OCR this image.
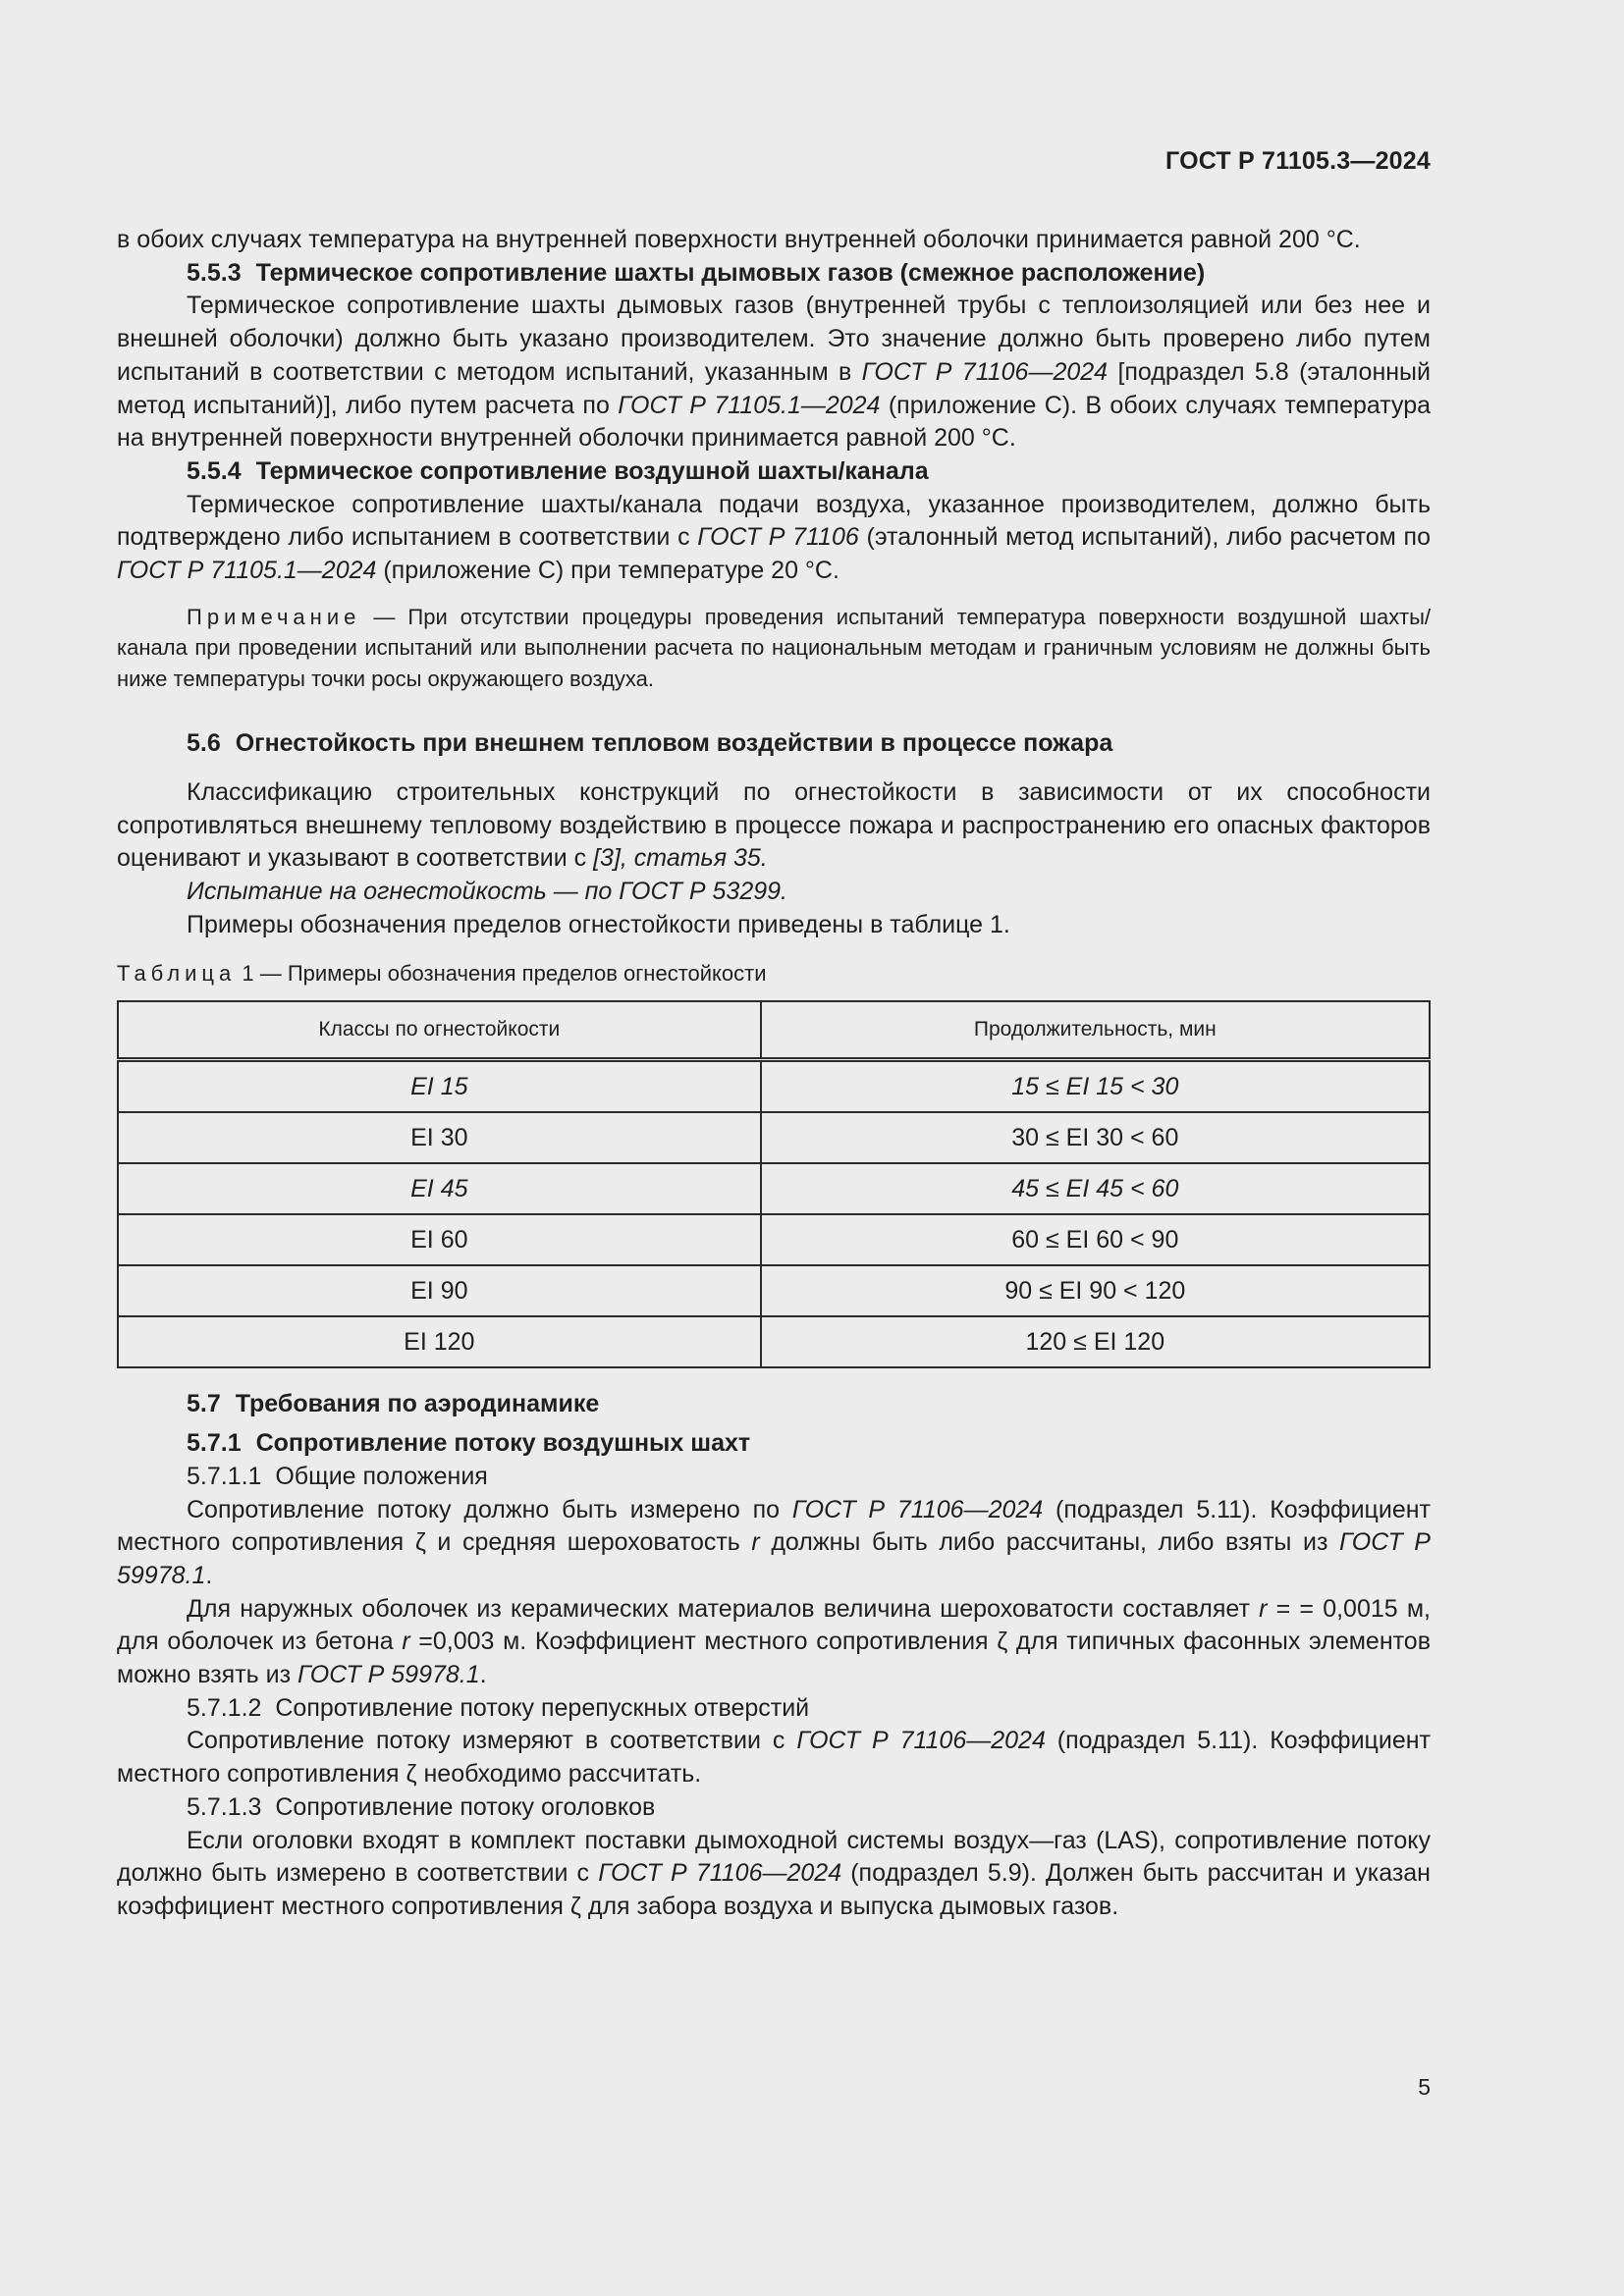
ГОСТ Р 71105.3—2024

в обоих случаях температура на внутренней поверхности внутренней оболочки принимается равной 200 °С.

5.5.3 Термическое сопротивление шахты дымовых газов (смежное расположение)

Термическое сопротивление шахты дымовых газов (внутренней трубы с теплоизоляцией или без нее и внешней оболочки) должно быть указано производителем. Это значение должно быть проверено либо путем испытаний в соответствии с методом испытаний, указанным в ГОСТ Р 71106—2024 [подраздел 5.8 (эталонный метод испытаний)], либо путем расчета по ГОСТ Р 71105.1—2024 (приложение С). В обоих случаях температура на внутренней поверхности внутренней оболочки принимается равной 200 °С.

5.5.4 Термическое сопротивление воздушной шахты/канала

Термическое сопротивление шахты/канала подачи воздуха, указанное производителем, должно быть подтверждено либо испытанием в соответствии с ГОСТ Р 71106 (эталонный метод испытаний), либо расчетом по ГОСТ Р 71105.1—2024 (приложение С) при температуре 20 °С.

Примечание — При отсутствии процедуры проведения испытаний температура поверхности воздушной шахты/канала при проведении испытаний или выполнении расчета по национальным методам и граничным условиям не должны быть ниже температуры точки росы окружающего воздуха.

5.6 Огнестойкость при внешнем тепловом воздействии в процессе пожара

Классификацию строительных конструкций по огнестойкости в зависимости от их способности сопротивляться внешнему тепловому воздействию в процессе пожара и распространению его опасных факторов оценивают и указывают в соответствии с [3], статья 35.

Испытание на огнестойкость — по ГОСТ Р 53299.

Примеры обозначения пределов огнестойкости приведены в таблице 1.

Таблица 1 — Примеры обозначения пределов огнестойкости
Классы по огнестойкости	Продолжительность, мин
EI 15	15 ≤ EI 15 < 30
EI 30	30 ≤ EI 30 < 60
EI 45	45 ≤ EI 45 < 60
EI 60	60 ≤ EI 60 < 90
EI 90	90 ≤ EI 90 < 120
EI 120	120 ≤ EI 120
5.7 Требования по аэродинамике
5.7.1 Сопротивление потоку воздушных шахт

5.7.1.1 Общие положения

Сопротивление потоку должно быть измерено по ГОСТ Р 71106—2024 (подраздел 5.11). Коэффициент местного сопротивления ζ и средняя шероховатость r должны быть либо рассчитаны, либо взяты из ГОСТ Р 59978.1.

Для наружных оболочек из керамических материалов величина шероховатости составляет r = = 0,0015 м, для оболочек из бетона r =0,003 м. Коэффициент местного сопротивления ζ для типичных фасонных элементов можно взять из ГОСТ Р 59978.1.

5.7.1.2 Сопротивление потоку перепускных отверстий

Сопротивление потоку измеряют в соответствии с ГОСТ Р 71106—2024 (подраздел 5.11). Коэффициент местного сопротивления ζ необходимо рассчитать.

5.7.1.3 Сопротивление потоку оголовков

Если оголовки входят в комплект поставки дымоходной системы воздух—газ (LAS), сопротивление потоку должно быть измерено в соответствии с ГОСТ Р 71106—2024 (подраздел 5.9). Должен быть рассчитан и указан коэффициент местного сопротивления ζ для забора воздуха и выпуска дымовых газов.

5
